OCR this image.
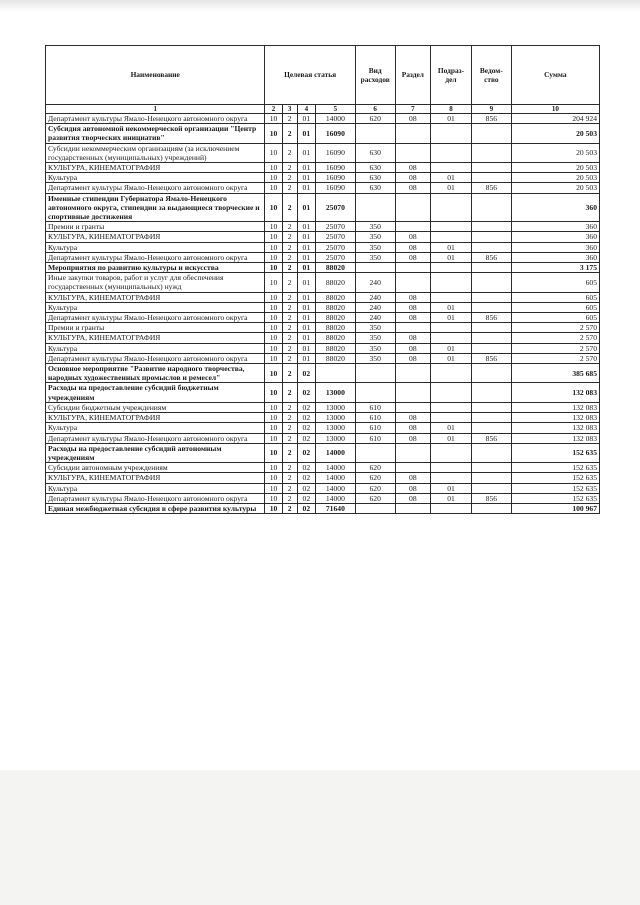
Наименование	Целевая статья				Вид расходов	Раздел	Подраз-дел	Ведом-ство	Сумма
1	2	3	4	5	6	7	8	9	10
Департамент культуры Ямало-Ненецкого автономного округа	10	2	01	14000	620	08	01	856	204 924
Субсидия автономной некоммерческой организации "Центр развития творческих инициатив"	10	2	01	16090					20 503
Субсидии некоммерческим организациям (за исключением государственных (муниципальных) учреждений)	10	2	01	16090	630				20 503
КУЛЬТУРА, КИНЕМАТОГРАФИЯ	10	2	01	16090	630	08			20 503
Культура	10	2	01	16090	630	08	01		20 503
Департамент культуры Ямало-Ненецкого автономного округа	10	2	01	16090	630	08	01	856	20 503
Именные стипендии Губернатора Ямало-Ненецкого автономного округа, стипендии за выдающиеся творческие и спортивные достижения	10	2	01	25070					360
Премии и гранты	10	2	01	25070	350				360
КУЛЬТУРА, КИНЕМАТОГРАФИЯ	10	2	01	25070	350	08			360
Культура	10	2	01	25070	350	08	01		360
Департамент культуры Ямало-Ненецкого автономного округа	10	2	01	25070	350	08	01	856	360
Мероприятия по развитию культуры и искусства	10	2	01	88020					3 175
Иные закупки товаров, работ и услуг для обеспечения государственных (муниципальных) нужд	10	2	01	88020	240				605
КУЛЬТУРА, КИНЕМАТОГРАФИЯ	10	2	01	88020	240	08			605
Культура	10	2	01	88020	240	08	01		605
Департамент культуры Ямало-Ненецкого автономного округа	10	2	01	88020	240	08	01	856	605
Премии и гранты	10	2	01	88020	350				2 570
КУЛЬТУРА, КИНЕМАТОГРАФИЯ	10	2	01	88020	350	08			2 570
Культура	10	2	01	88020	350	08	01		2 570
Департамент культуры Ямало-Ненецкого автономного округа	10	2	01	88020	350	08	01	856	2 570
Основное мероприятие "Развитие народного творчества, народных художественных промыслов и ремесел"	10	2	02						385 685
Расходы на предоставление субсидий бюджетным учреждениям	10	2	02	13000					132 083
Субсидии бюджетным учреждениям	10	2	02	13000	610				132 083
КУЛЬТУРА, КИНЕМАТОГРАФИЯ	10	2	02	13000	610	08			132 083
Культура	10	2	02	13000	610	08	01		132 083
Департамент культуры Ямало-Ненецкого автономного округа	10	2	02	13000	610	08	01	856	132 083
Расходы на предоставление субсидий автономным учреждениям	10	2	02	14000					152 635
Субсидии автономным учреждениям	10	2	02	14000	620				152 635
КУЛЬТУРА, КИНЕМАТОГРАФИЯ	10	2	02	14000	620	08			152 635
Культура	10	2	02	14000	620	08	01		152 635
Департамент культуры Ямало-Ненецкого автономного округа	10	2	02	14000	620	08	01	856	152 635
Единая межбюджетная субсидия в сфере развития культуры	10	2	02	71640					100 967
